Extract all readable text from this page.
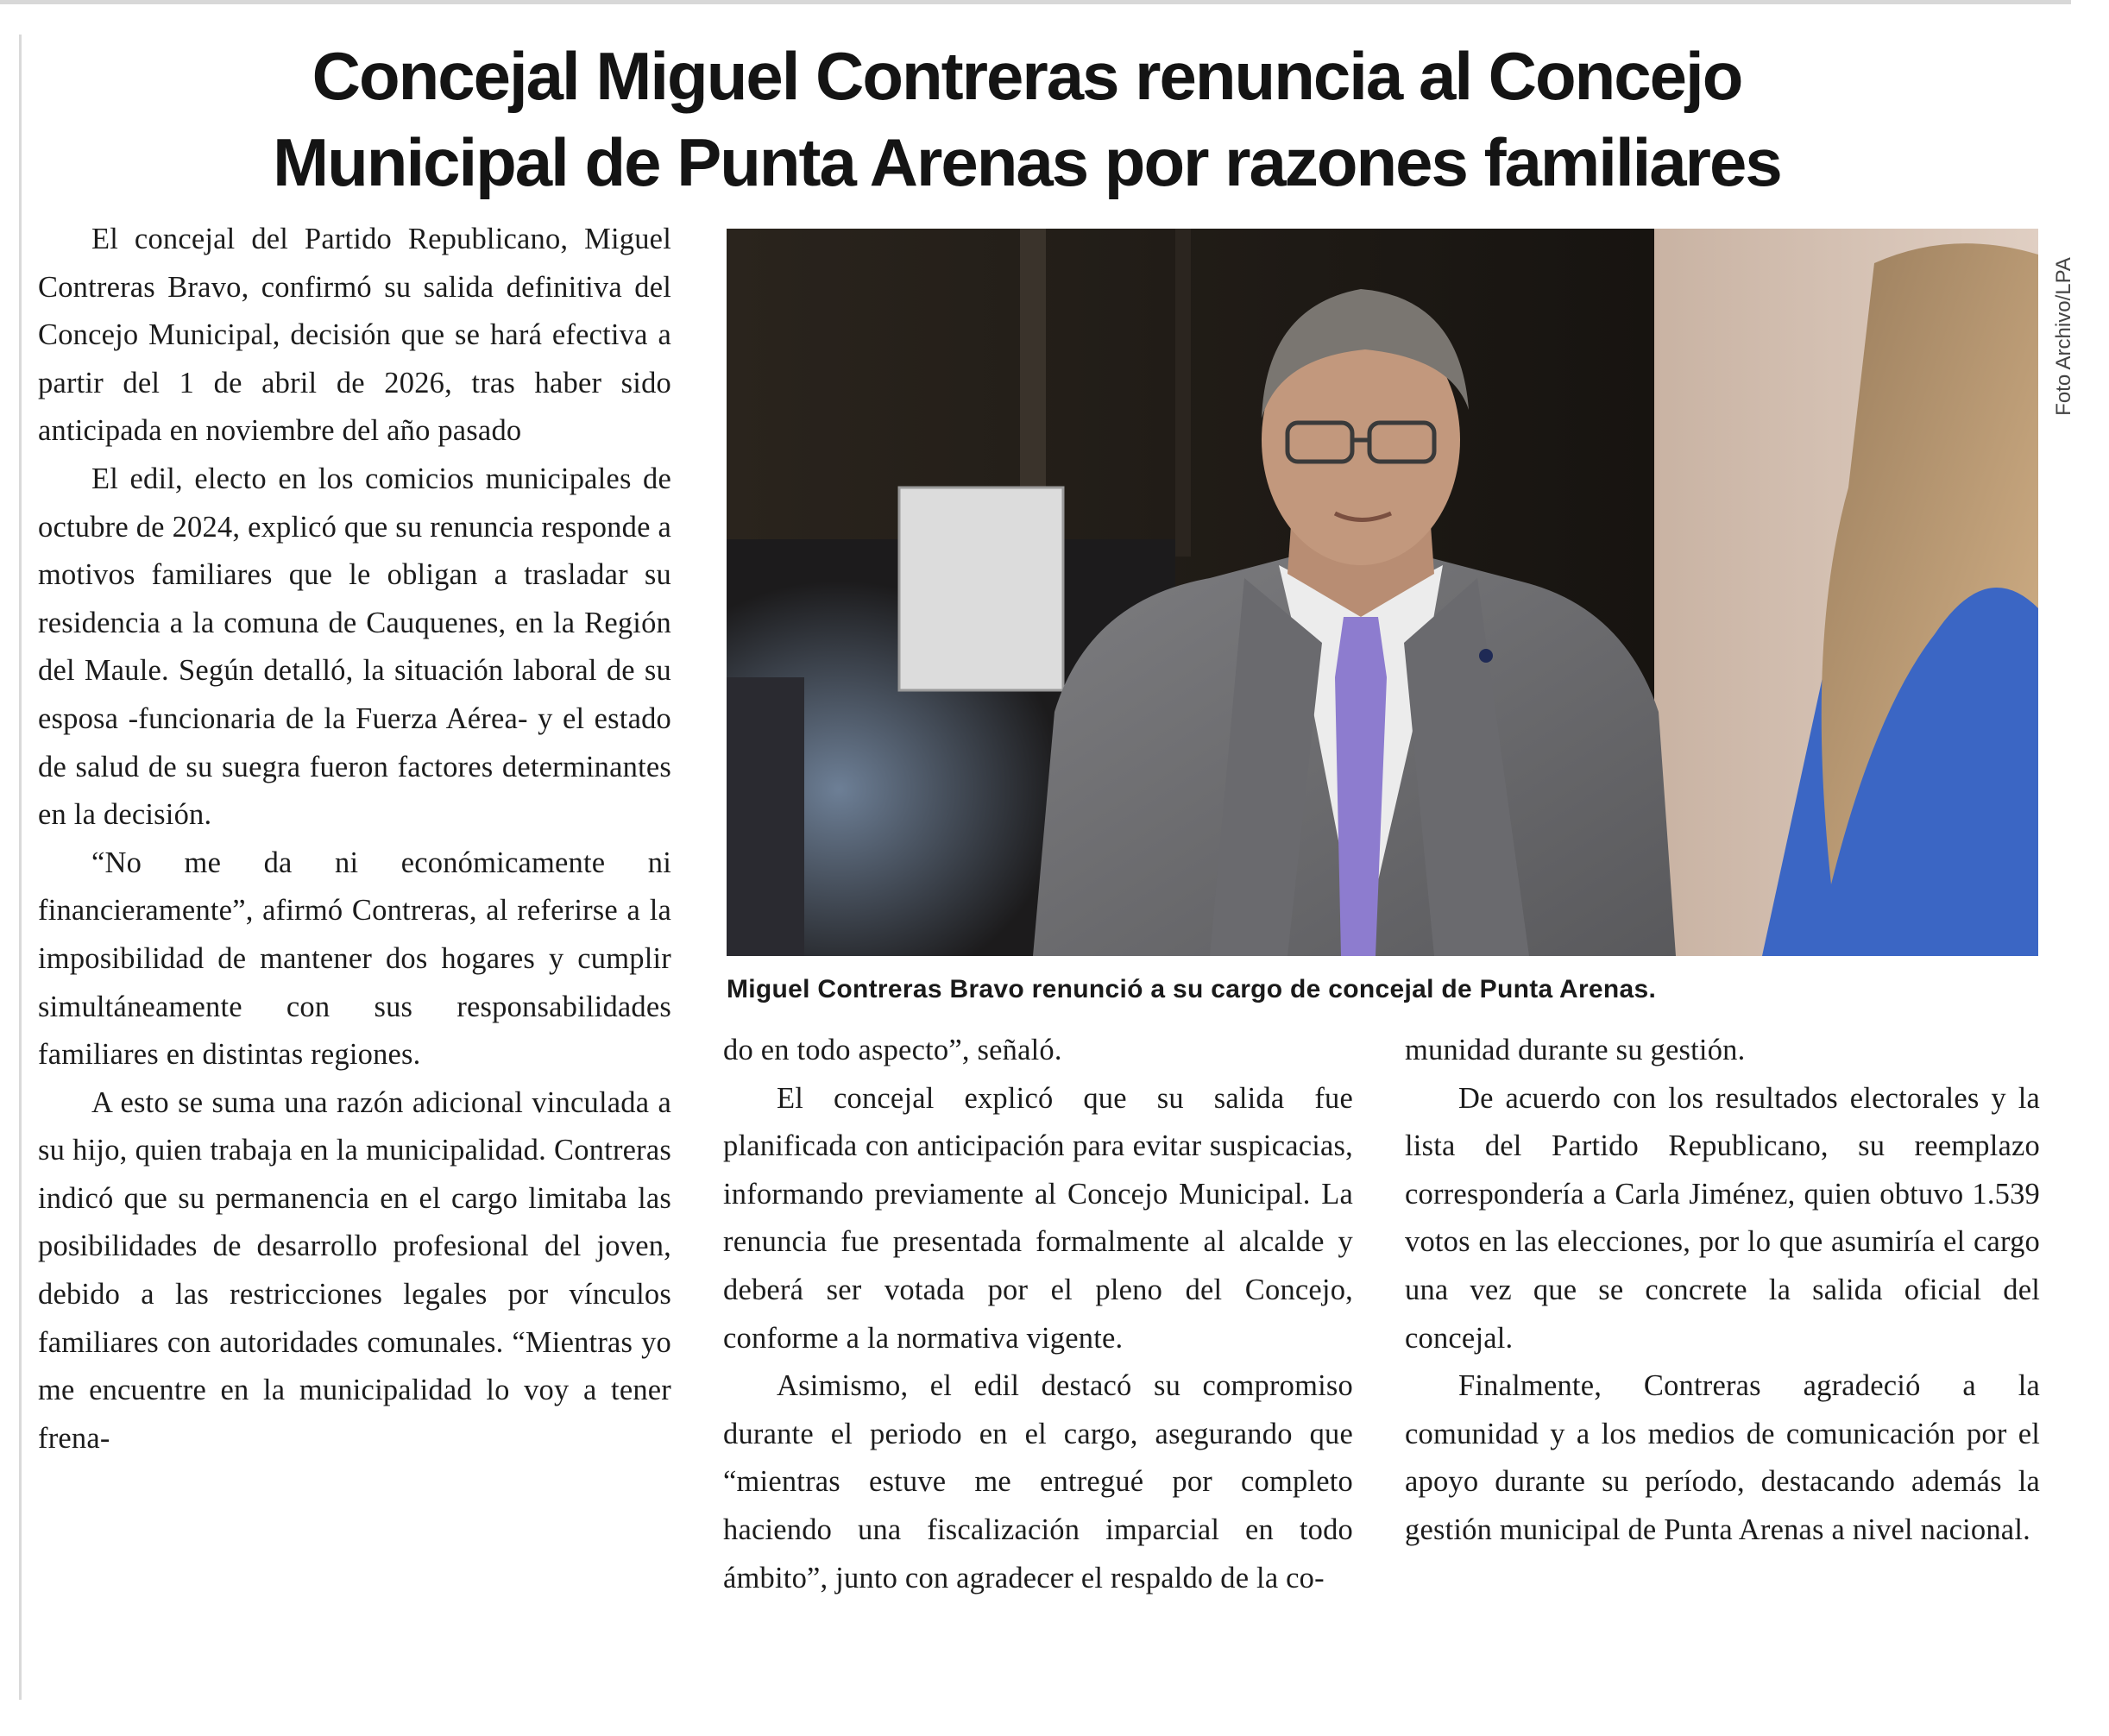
Concejal Miguel Contreras renuncia al Concejo
Municipal de Punta Arenas por razones familiares

El concejal del Partido Republicano, Miguel Contreras Bravo, confirmó su salida definitiva del Concejo Municipal, decisión que se hará efectiva a partir del 1 de abril de 2026, tras haber sido anticipada en noviembre del año pasado

El edil, electo en los comicios municipales de octubre de 2024, explicó que su renuncia responde a motivos familiares que le obligan a trasladar su residencia a la comuna de Cauquenes, en la Región del Maule. Según detalló, la situación laboral de su esposa -funcionaria de la Fuerza Aérea- y el estado de salud de su suegra fueron factores determinantes en la decisión.

“No me da ni económicamente ni financieramente”, afirmó Contreras, al referirse a la imposibilidad de mantener dos hogares y cumplir simultáneamente con sus responsabilidades familiares en distintas regiones.

A esto se suma una razón adicional vinculada a su hijo, quien trabaja en la municipalidad. Contreras indicó que su permanencia en el cargo limitaba las posibilidades de desarrollo profesional del joven, debido a las restricciones legales por vínculos familiares con autoridades comunales. “Mientras yo me encuentre en la municipalidad lo voy a tener frena-

Foto Archivo/LPA
Miguel Contreras Bravo renunció a su cargo de concejal de Punta Arenas.

do en todo aspecto”, señaló.

El concejal explicó que su salida fue planificada con anticipación para evitar suspicacias, informando previamente al Concejo Municipal. La renuncia fue presentada formalmente al alcalde y deberá ser votada por el pleno del Concejo, conforme a la normativa vigente.

Asimismo, el edil destacó su compromiso durante el periodo en el cargo, asegurando que “mientras estuve me entregué por completo haciendo una fiscalización imparcial en todo ámbito”, junto con agradecer el respaldo de la co-

munidad durante su gestión.

De acuerdo con los resultados electorales y la lista del Partido Republicano, su reemplazo correspondería a Carla Jiménez, quien obtuvo 1.539 votos en las elecciones, por lo que asumiría el cargo una vez que se concrete la salida oficial del concejal.

Finalmente, Contreras agradeció a la comunidad y a los medios de comunicación por el apoyo durante su período, destacando además la gestión municipal de Punta Arenas a nivel nacional.
